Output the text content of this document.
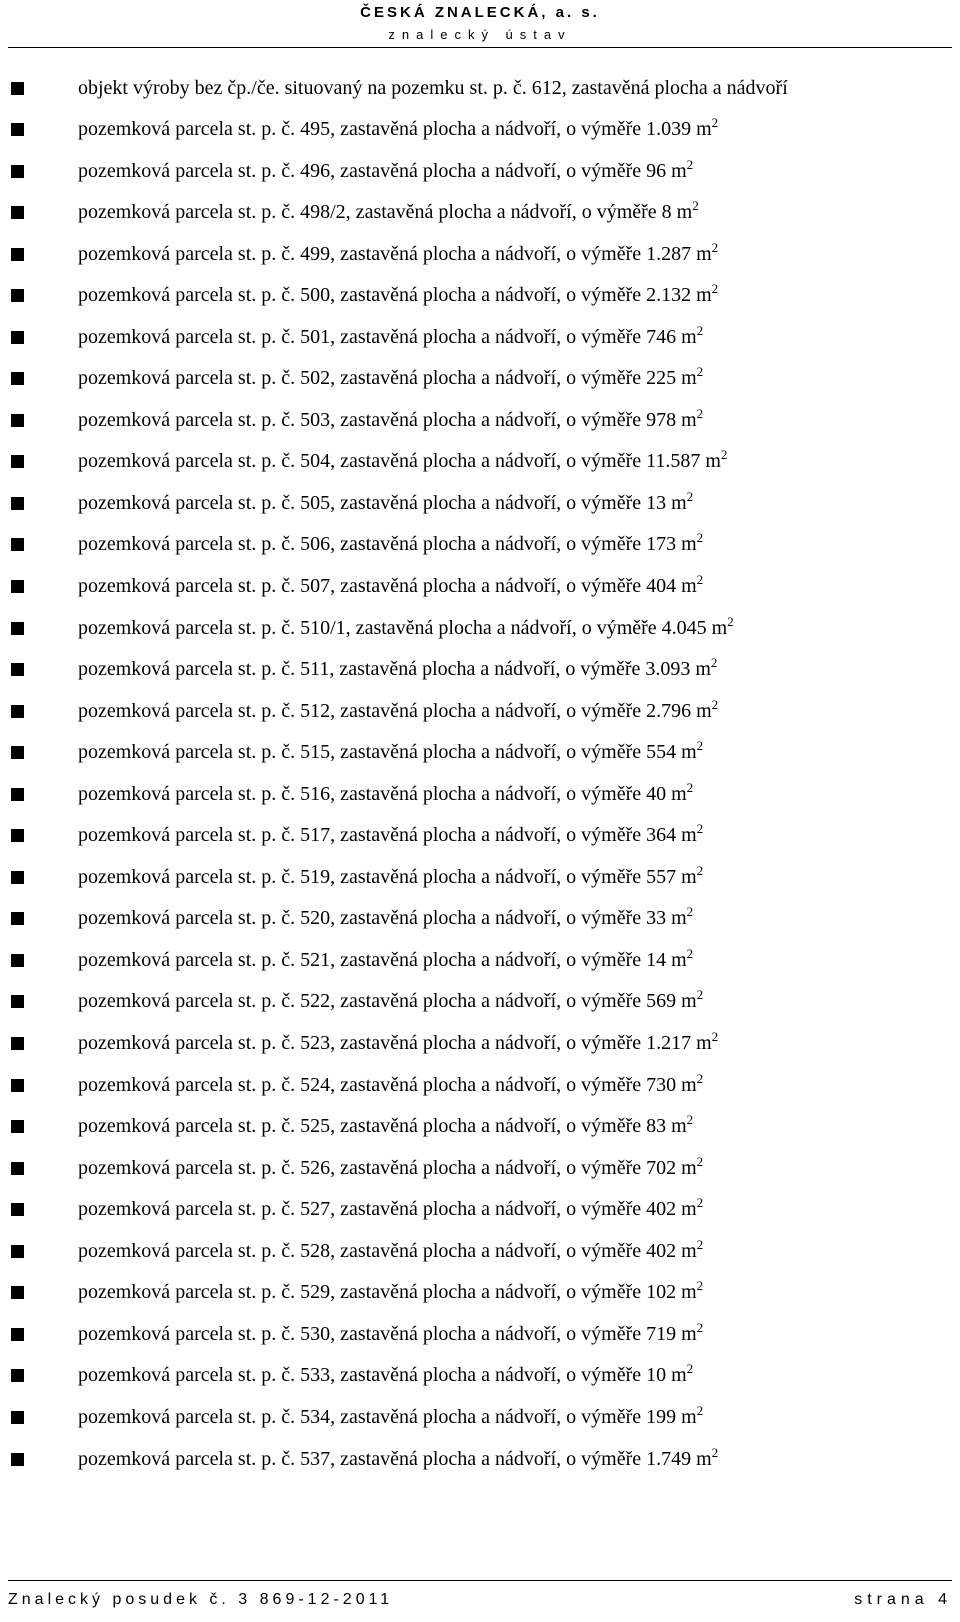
ČESKÁ ZNALECKÁ, a. s.
znalecký ústav
objekt výroby bez čp./če. situovaný na pozemku st. p. č. 612, zastavěná plocha a nádvoří
pozemková parcela st. p. č. 495, zastavěná plocha a nádvoří, o výměře 1.039 $m^2$
pozemková parcela st. p. č. 496, zastavěná plocha a nádvoří, o výměře 96 $m^2$
pozemková parcela st. p. č. 498/2, zastavěná plocha a nádvoří, o výměře 8 $m^2$
pozemková parcela st. p. č. 499, zastavěná plocha a nádvoří, o výměře 1.287 $m^2$
pozemková parcela st. p. č. 500, zastavěná plocha a nádvoří, o výměře 2.132 $m^2$
pozemková parcela st. p. č. 501, zastavěná plocha a nádvoří, o výměře 746 $m^2$
pozemková parcela st. p. č. 502, zastavěná plocha a nádvoří, o výměře 225 $m^2$
pozemková parcela st. p. č. 503, zastavěná plocha a nádvoří, o výměře 978 $m^2$
pozemková parcela st. p. č. 504, zastavěná plocha a nádvoří, o výměře 11.587 $m^2$
pozemková parcela st. p. č. 505, zastavěná plocha a nádvoří, o výměře 13 $m^2$
pozemková parcela st. p. č. 506, zastavěná plocha a nádvoří, o výměře 173 $m^2$
pozemková parcela st. p. č. 507, zastavěná plocha a nádvoří, o výměře 404 $m^2$
pozemková parcela st. p. č. 510/1, zastavěná plocha a nádvoří, o výměře 4.045 $m^2$
pozemková parcela st. p. č. 511, zastavěná plocha a nádvoří, o výměře 3.093 $m^2$
pozemková parcela st. p. č. 512, zastavěná plocha a nádvoří, o výměře 2.796 $m^2$
pozemková parcela st. p. č. 515, zastavěná plocha a nádvoří, o výměře 554 $m^2$
pozemková parcela st. p. č. 516, zastavěná plocha a nádvoří, o výměře 40 $m^2$
pozemková parcela st. p. č. 517, zastavěná plocha a nádvoří, o výměře 364 $m^2$
pozemková parcela st. p. č. 519, zastavěná plocha a nádvoří, o výměře 557 $m^2$
pozemková parcela st. p. č. 520, zastavěná plocha a nádvoří, o výměře 33 $m^2$
pozemková parcela st. p. č. 521, zastavěná plocha a nádvoří, o výměře 14 $m^2$
pozemková parcela st. p. č. 522, zastavěná plocha a nádvoří, o výměře 569 $m^2$
pozemková parcela st. p. č. 523, zastavěná plocha a nádvoří, o výměře 1.217 $m^2$
pozemková parcela st. p. č. 524, zastavěná plocha a nádvoří, o výměře 730 $m^2$
pozemková parcela st. p. č. 525, zastavěná plocha a nádvoří, o výměře 83 $m^2$
pozemková parcela st. p. č. 526, zastavěná plocha a nádvoří, o výměře 702 $m^2$
pozemková parcela st. p. č. 527, zastavěná plocha a nádvoří, o výměře 402 $m^2$
pozemková parcela st. p. č. 528, zastavěná plocha a nádvoří, o výměře 402 $m^2$
pozemková parcela st. p. č. 529, zastavěná plocha a nádvoří, o výměře 102 $m^2$
pozemková parcela st. p. č. 530, zastavěná plocha a nádvoří, o výměře 719 $m^2$
pozemková parcela st. p. č. 533, zastavěná plocha a nádvoří, o výměře 10 $m^2$
pozemková parcela st. p. č. 534, zastavěná plocha a nádvoří, o výměře 199 $m^2$
pozemková parcela st. p. č. 537, zastavěná plocha a nádvoří, o výměře 1.749 $m^2$
Znalecký posudek č. 3 869-12-2011	strana 4
